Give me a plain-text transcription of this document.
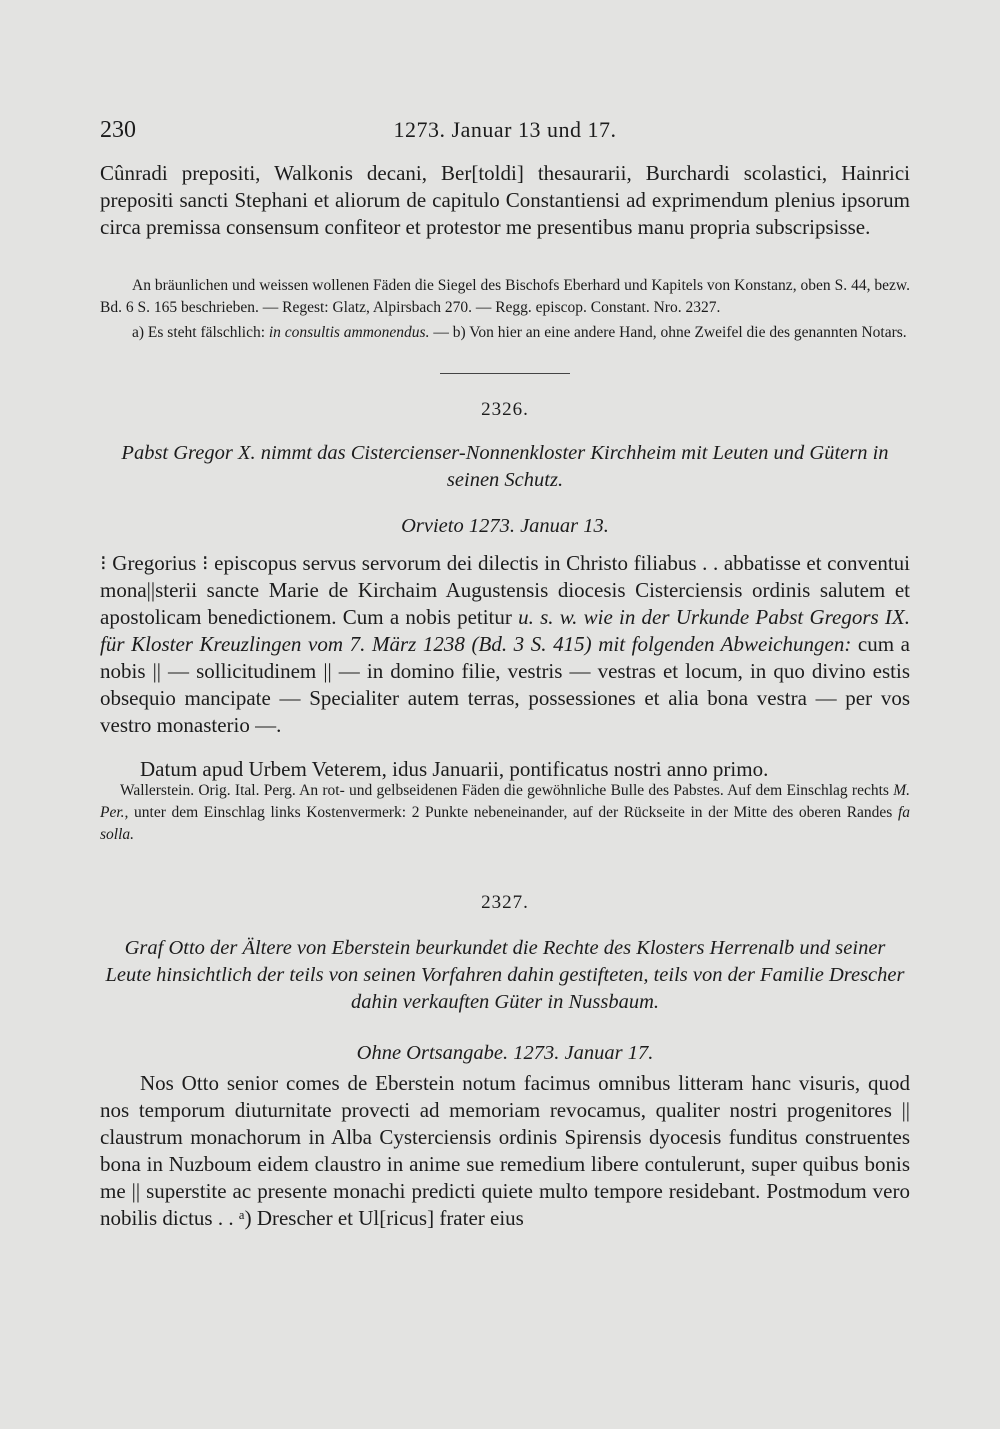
230	1273. Januar 13 und 17.

Cûnradi prepositi, Walkonis decani, Ber[toldi] thesaurarii, Burchardi scolastici, Hainrici prepositi sancti Stephani et aliorum de capitulo Constantiensi ad exprimendum plenius ipsorum circa premissa consensum confiteor et protestor me presentibus manu propria subscripsisse.

An bräunlichen und weissen wollenen Fäden die Siegel des Bischofs Eberhard und Kapitels von Konstanz, oben S. 44, bezw. Bd. 6 S. 165 beschrieben. — Regest: Glatz, Alpirsbach 270. — Regg. episcop. Constant. Nro. 2327.

a) Es steht fälschlich: in consultis ammonendus. — b) Von hier an eine andere Hand, ohne Zweifel die des genannten Notars.

2326.

Pabst Gregor X. nimmt das Cistercienser-Nonnenkloster Kirchheim mit Leuten und Gütern in seinen Schutz.

Orvieto 1273. Januar 13.

⁝ Gregorius ⁝ episcopus servus servorum dei dilectis in Christo filiabus . . abbatisse et conventui mona||sterii sancte Marie de Kirchaim Augustensis diocesis Cisterciensis ordinis salutem et apostolicam benedictionem. Cum a nobis petitur u. s. w. wie in der Urkunde Pabst Gregors IX. für Kloster Kreuzlingen vom 7. März 1238 (Bd. 3 S. 415) mit folgenden Abweichungen: cum a nobis || — sollicitudinem || — in domino filie, vestris — vestras et locum, in quo divino estis obsequio mancipate — Specialiter autem terras, possessiones et alia bona vestra — per vos vestro monasterio —.

Datum apud Urbem Veterem, idus Januarii, pontificatus nostri anno primo.

Wallerstein. Orig. Ital. Perg. An rot- und gelbseidenen Fäden die gewöhnliche Bulle des Pabstes. Auf dem Einschlag rechts M. Per., unter dem Einschlag links Kostenvermerk: 2 Punkte nebeneinander, auf der Rückseite in der Mitte des oberen Randes fa solla.

2327.

Graf Otto der Ältere von Eberstein beurkundet die Rechte des Klosters Herrenalb und seiner Leute hinsichtlich der teils von seinen Vorfahren dahin gestifteten, teils von der Familie Drescher dahin verkauften Güter in Nussbaum.

Ohne Ortsangabe. 1273. Januar 17.

Nos Otto senior comes de Eberstein notum facimus omnibus litteram hanc visuris, quod nos temporum diuturnitate provecti ad memoriam revocamus, qualiter nostri progenitores || claustrum monachorum in Alba Cysterciensis ordinis Spirensis dyocesis funditus construentes bona in Nuzboum eidem claustro in anime sue remedium libere contulerunt, super quibus bonis me || superstite ac presente monachi predicti quiete multo tempore residebant. Postmodum vero nobilis dictus . . ᵃ) Drescher et Ul[ricus] frater eius
